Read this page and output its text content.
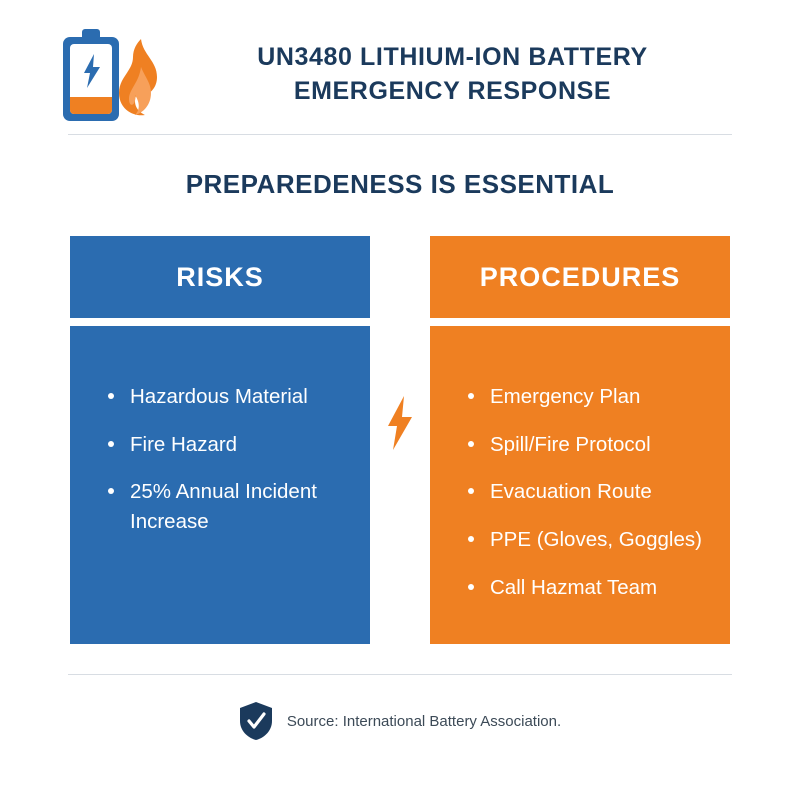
UN3480 LITHIUM-ION BATTERY
EMERGENCY RESPONSE
PREPAREDENESS IS ESSENTIAL
RISKS
Hazardous Material
Fire Hazard
25% Annual Incident Increase
PROCEDURES
Emergency Plan
Spill/Fire Protocol
Evacuation Route
PPE (Gloves, Goggles)
Call Hazmat Team
Source: International Battery Association.
